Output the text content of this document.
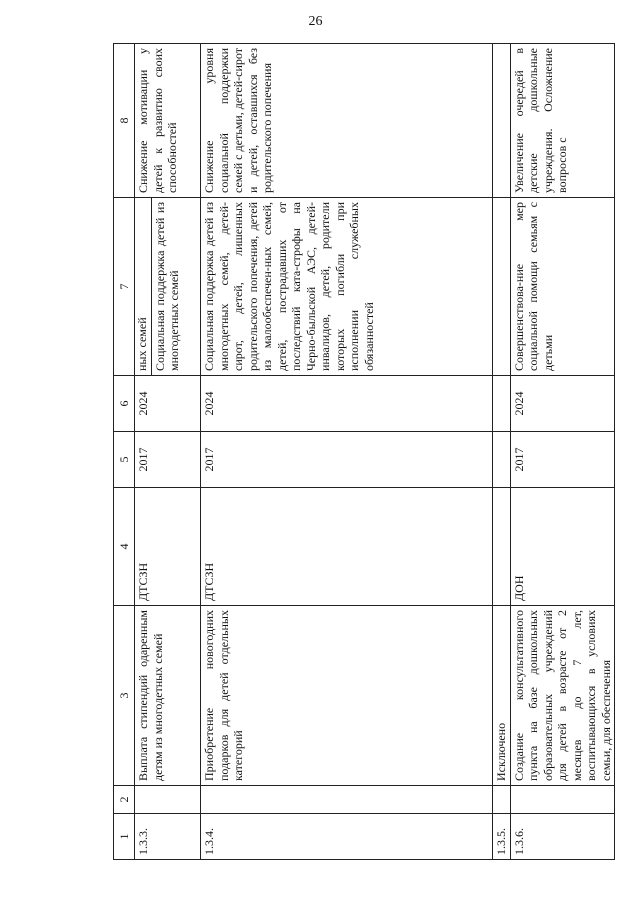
26
1	2	3	4	5	6	7	8
1.3.3.		Выплата стипендий одаренным детям из многодетных семей	ДТСЗН	2017	2024	ных семей Социальная поддержка детей из многодетных семей	Снижение мотивации у детей к развитию своих способностей
1.3.4.		Приобретение новогодних подарков для детей отдельных категорий	ДТСЗН	2017	2024	Социальная поддержка детей из многодетных семей, детей-сирот, детей, лишенных родительского попечения, детей из малообеспечен-ных семей, детей, пострадавших от последствий ката-строфы на Черно-быльской АЭС, детей-инвалидов, детей, родители которых погибли при исполнении служебных обязанностей	Снижение уровня социальной поддержки семей с детьми, детей-сирот и детей, оставшихся без родительского попечения
1.3.5.		Исключено					
1.3.6.		Создание консультативного пункта на базе дошкольных образовательных учреждений для детей в возрасте от 2 месяцев до 7 лет, воспитывающихся в условиях семьи, для обеспечения	ДОН	2017	2024	Совершенствова-ние мер социальной помощи семьям с детьми	Увеличение очередей в детские дошкольные учреждения. Осложнение вопросов с
